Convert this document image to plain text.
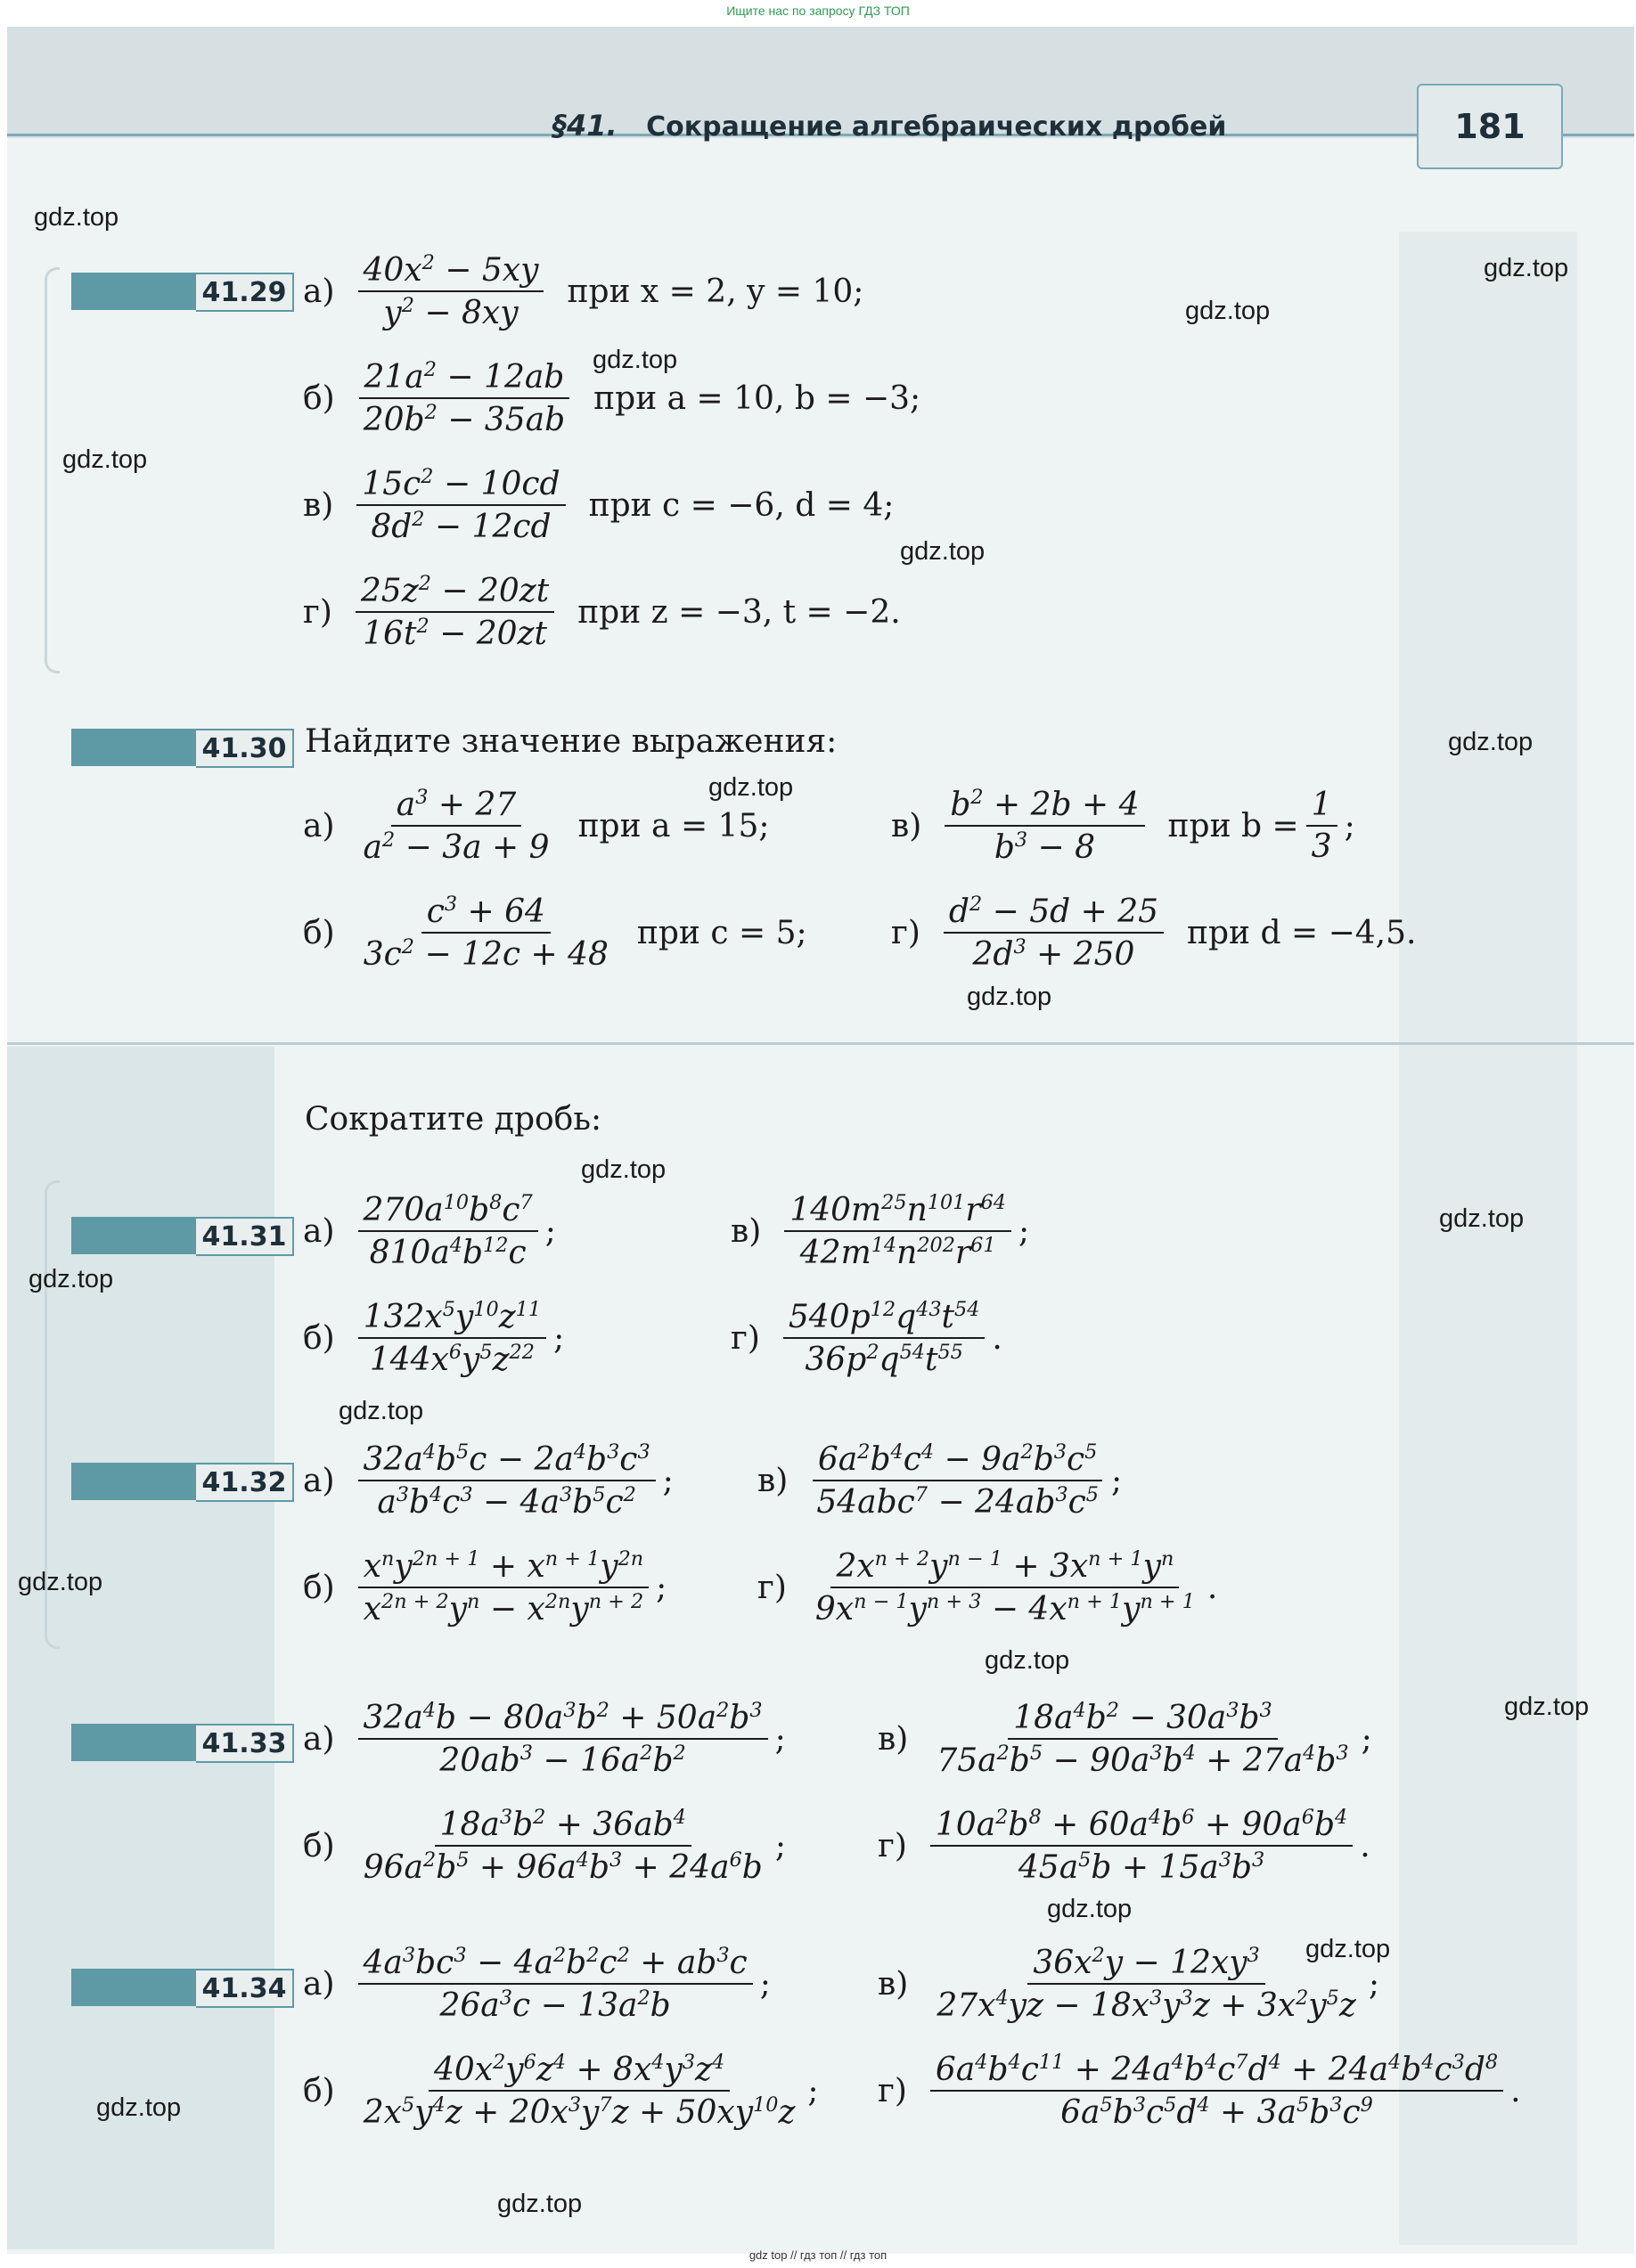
Ищите нас по запросу ГДЗ ТОП
§41. Сокращение алгебраических дробей	181
41.29 $а) \frac{40x^2 - 5xy}{y^2 - 8xy}$ при x = 2, y = 10;
$б) \frac{21a^2 - 12ab}{20b^2 - 35ab}$ при a = 10, b = −3;
$в) \frac{15c^2 - 10cd}{8d^2 - 12cd}$ при c = −6, d = 4;
$г) \frac{25z^2 - 20zt}{16t^2 - 20zt}$ при z = −3, t = −2.
41.30 Найдите значение выражения:
$а) \frac{a^3 + 27}{a^2 - 3a + 9}$ при a = 15;	$в) \frac{b^2 + 2b + 4}{b^3 - 8}$ при $b = \frac{1}{3}$ ;
$б) \frac{c^3 + 64}{3c^2 - 12c + 48}$ при c = 5;	$г) \frac{d^2 - 5d + 25}{2d^3 + 250}$ при d = −4,5.
Сократите дробь:
41.31 $а) \frac{270a^{10}b^8c^7}{810a^4b^{12}c}$ ;	$в) \frac{140m^{25}n^{101}r^{64}}{42m^{14}n^{202}r^{61}}$ ;
$б) \frac{132x^5y^{10}z^{11}}{144x^6y^5z^{22}}$ ;	$г) \frac{540p^{12}q^{43}t^{54}}{36p^2q^{54}t^{55}}$ .
41.32 $а) \frac{32a^4b^5c - 2a^4b^3c^3}{a^3b^4c^3 - 4a^3b^5c^2}$ ;	$в) \frac{6a^2b^4c^4 - 9a^2b^3c^5}{54abc^7 - 24ab^3c^5}$ ;
$б) \frac{x^ny^{2n + 1} + x^{n + 1}y^{2n}}{x^{2n + 2}y^n - x^{2n}y^{n + 2}}$ ;	$г) \frac{2x^{n + 2}y^{n - 1} + 3x^{n + 1}y^n}{9x^{n - 1}y^{n + 3} - 4x^{n + 1}y^{n + 1}}$ .
41.33 $а) \frac{32a^4b - 80a^3b^2 + 50a^2b^3}{20ab^3 - 16a^2b^2}$ ;	$в) \frac{18a^4b^2 - 30a^3b^3}{75a^2b^5 - 90a^3b^4 + 27a^4b^3}$ ;
$б) \frac{18a^3b^2 + 36ab^4}{96a^2b^5 + 96a^4b^3 + 24a^6b}$ ;	$г) \frac{10a^2b^8 + 60a^4b^6 + 90a^6b^4}{45a^5b + 15a^3b^3}$ .
41.34 $а) \frac{4a^3bc^3 - 4a^2b^2c^2 + ab^3c}{26a^3c - 13a^2b}$ ;	$в) \frac{36x^2y - 12xy^3}{27x^4yz - 18x^3y^3z + 3x^2y^5z}$ ;
$б) \frac{40x^2y^6z^4 + 8x^4y^3z^4}{2x^5y^4z + 20x^3y^7z + 50xy^{10}z}$ ; $г) \frac{6a^4b^4c^{11} + 24a^4b^4c^7d^4 + 24a^4b^4c^3d^8}{6a^5b^3c^5d^4 + 3a^5b^3c^9}$ .
gdz.top
gdz.top
gdz.top
gdz.top
gdz.top
gdz.top
gdz.top
gdz.top
gdz.top
gdz.top
gdz.top
gdz.top
gdz.top
gdz.top
gdz.top
gdz.top
gdz.top
gdz.top
gdz.top
gdz.top
gdz top // гдз топ // гдз топ
